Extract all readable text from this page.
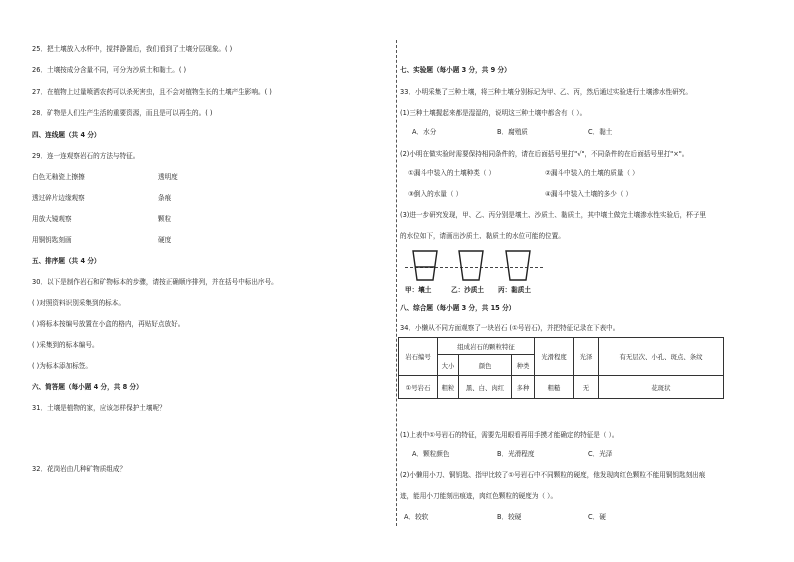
25．把土壤放入水杯中，搅拌静置后，我们看到了土壤分层现象。( )
26．土壤按成分含量不同，可分为沙质土和黏土。( )
27．在植物上过量喷洒农药可以杀死害虫，且不会对植物生长的土壤产生影响。( )
28．矿物是人们生产生活的重要资源，而且是可以再生的。( )
四、连线题（共 4 分）
29．连一连观察岩石的方法与特征。
白色无釉瓷上擦擦	透明度
透过碎片边缘观察	条痕
用放大镜观察	颗粒
用铜钥匙刻画	硬度
五、排序题（共 4 分）
30．以下是制作岩石和矿物标本的步骤，请按正确顺序排列，并在括号中标出序号。
( )对照资料识别采集到的标本。
( )将标本按编号放置在小盒的格内，再贴好点放好。
( )采集到的标本编号。
( )为标本添加标签。
六、简答题（每小题 4 分，共 8 分）
31．土壤是植物的家，应该怎样保护土壤呢？
32．花岗岩由几种矿物质组成？
七、实验题（每小题 3 分，共 9 分）
33．小明采集了三种土壤，将三种土壤分别标记为甲、乙、丙，然后通过实验进行土壤渗水性研究。
(1)三种土壤握起来都是湿湿的，说明这三种土壤中都含有（ ）。
A．水分	B．腐殖质	C．黏土
(2)小明在做实验时需要保持相同条件的，请在后面括号里打"√"，不同条件的在后面括号里打"×"。
①漏斗中装入的土壤种类（ ）	②漏斗中装入的土壤的质量（ ）
③倒入的水量（ ）	④漏斗中装入土壤的多少（ ）
(3)进一步研究发现，甲、乙、丙分别是壤土、沙质土、黏质土，其中壤土做完土壤渗水性实验后，杯子里
的水位如下，请画出沙质土、黏质土的水位可能的位置。
甲：壤土	乙：沙质土 丙：黏质土
八、综合题（每小题 3 分，共 15 分）
34．小懒从不同方面观察了一块岩石 (①号岩石)，并把特征记录在下表中。
岩石编号	组成岩石的颗粒特征			光滑程度	光泽	有无层次、小孔、斑点、条纹
	大小	颜色	种类			
①号岩石	粗粒	黑、白、肉红	多种	粗糙	无	花斑状
(1)上表中①号岩石的特征，需要先用眼看再用手摸才能确定的特征是（ ）。
A．颗粒颜色	B．光滑程度	C．光泽
(2)小懒用小刀、铜钥匙、指甲比较了①号岩石中不同颗粒的硬度，他发现肉红色颗粒不能用铜钥匙刻出痕
迹，能用小刀能刻出痕迹，肉红色颗粒的硬度为（ ）。
A．较软	B．较硬	C．硬
